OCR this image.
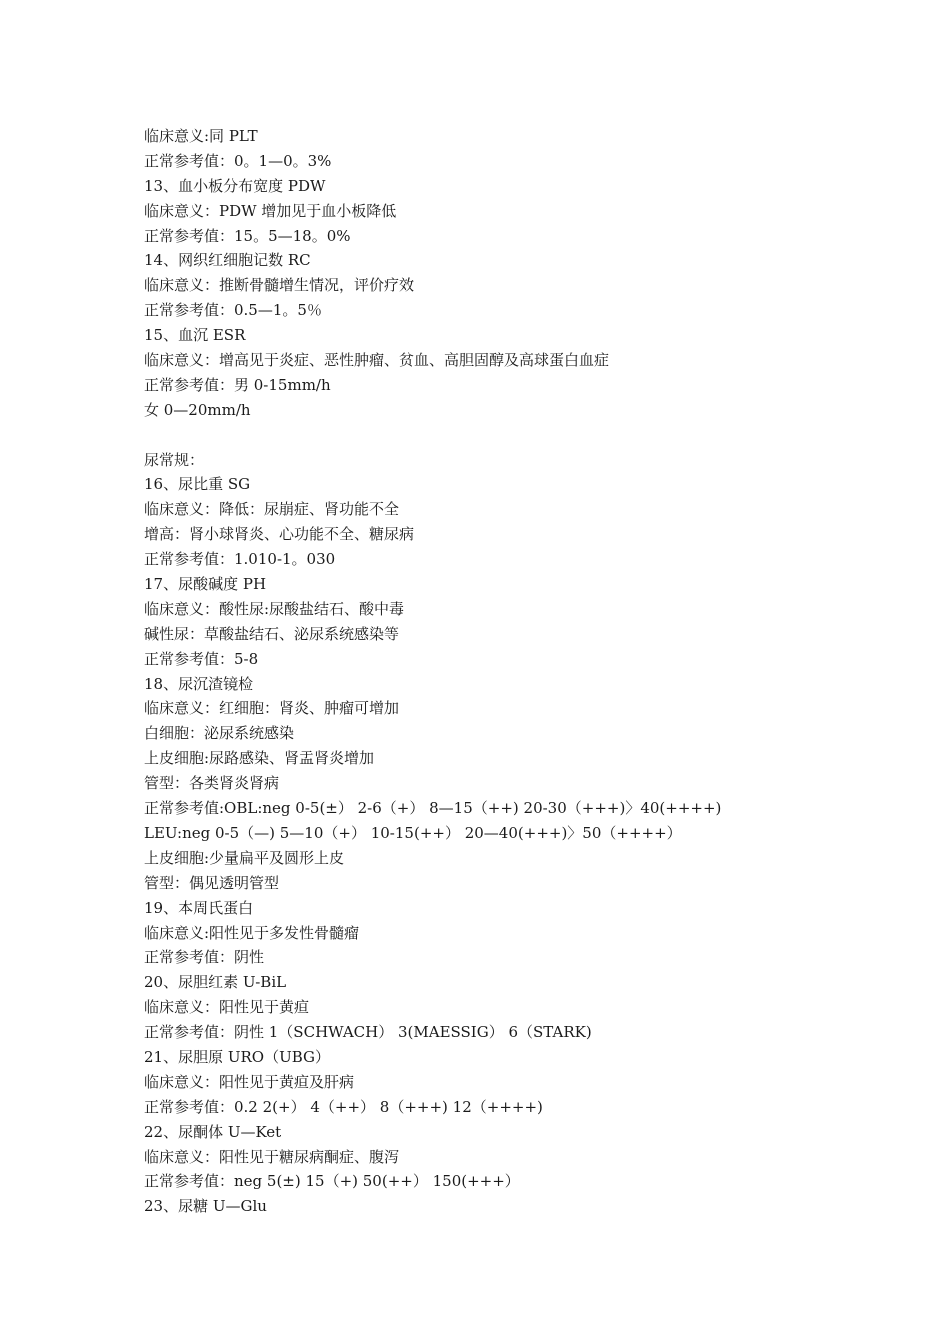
临床意义:同 PLT
正常参考值：0。1—0。3%
13、血小板分布宽度 PDW
临床意义：PDW 增加见于血小板降低
正常参考值：15。5—18。0%
14、网织红细胞记数 RC
临床意义：推断骨髓增生情况，评价疗效
正常参考值：0.5—1。5％
15、血沉 ESR
临床意义：增高见于炎症、恶性肿瘤、贫血、高胆固醇及高球蛋白血症
正常参考值：男 0-15mm/h
女 0—20mm/h
尿常规：
16、尿比重 SG
临床意义：降低：尿崩症、肾功能不全
增高：肾小球肾炎、心功能不全、糖尿病
正常参考值：1.010-1。030
17、尿酸碱度 PH
临床意义：酸性尿:尿酸盐结石、酸中毒
碱性尿：草酸盐结石、泌尿系统感染等
正常参考值：5-8
18、尿沉渣镜检
临床意义：红细胞：肾炎、肿瘤可增加
白细胞：泌尿系统感染
上皮细胞:尿路感染、肾盂肾炎增加
管型：各类肾炎肾病
正常参考值:OBL:neg 0-5(±） 2-6（+） 8—15（++) 20-30（+++)〉40(++++)
LEU:neg 0-5（—) 5—10（+） 10-15(++） 20—40(+++)〉50（++++）
上皮细胞:少量扁平及圆形上皮
管型：偶见透明管型
19、本周氏蛋白
临床意义:阳性见于多发性骨髓瘤
正常参考值：阴性
20、尿胆红素 U-BiL
临床意义：阳性见于黄疸
正常参考值：阴性 1（SCHWACH） 3(MAESSIG） 6（STARK)
21、尿胆原 URO（UBG）
临床意义：阳性见于黄疸及肝病
正常参考值：0.2 2(+） 4（++） 8（+++) 12（++++)
22、尿酮体 U—Ket
临床意义：阳性见于糖尿病酮症、腹泻
正常参考值：neg 5(±) 15（+) 50(++） 150(+++）
23、尿糖 U—Glu
